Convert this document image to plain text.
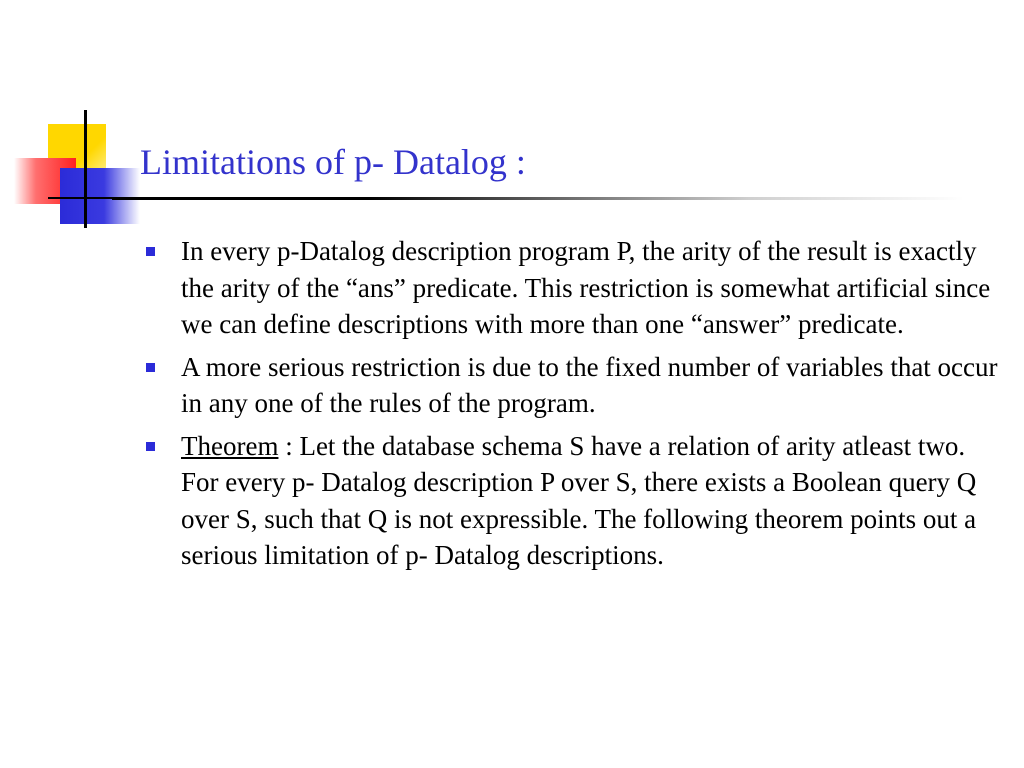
Limitations of p- Datalog :
In every p-Datalog description program P, the arity of the result is exactly the arity of the “ans” predicate. This restriction is somewhat artificial since we can define descriptions with more than one “answer” predicate.
A more serious restriction is due to the fixed number of variables that occur in any one of the rules of the program.
Theorem : Let the database schema S have a relation of arity atleast two. For every p- Datalog description P over S, there exists a Boolean query Q over S, such that Q is not expressible. The following theorem points out a serious limitation of p- Datalog descriptions.
